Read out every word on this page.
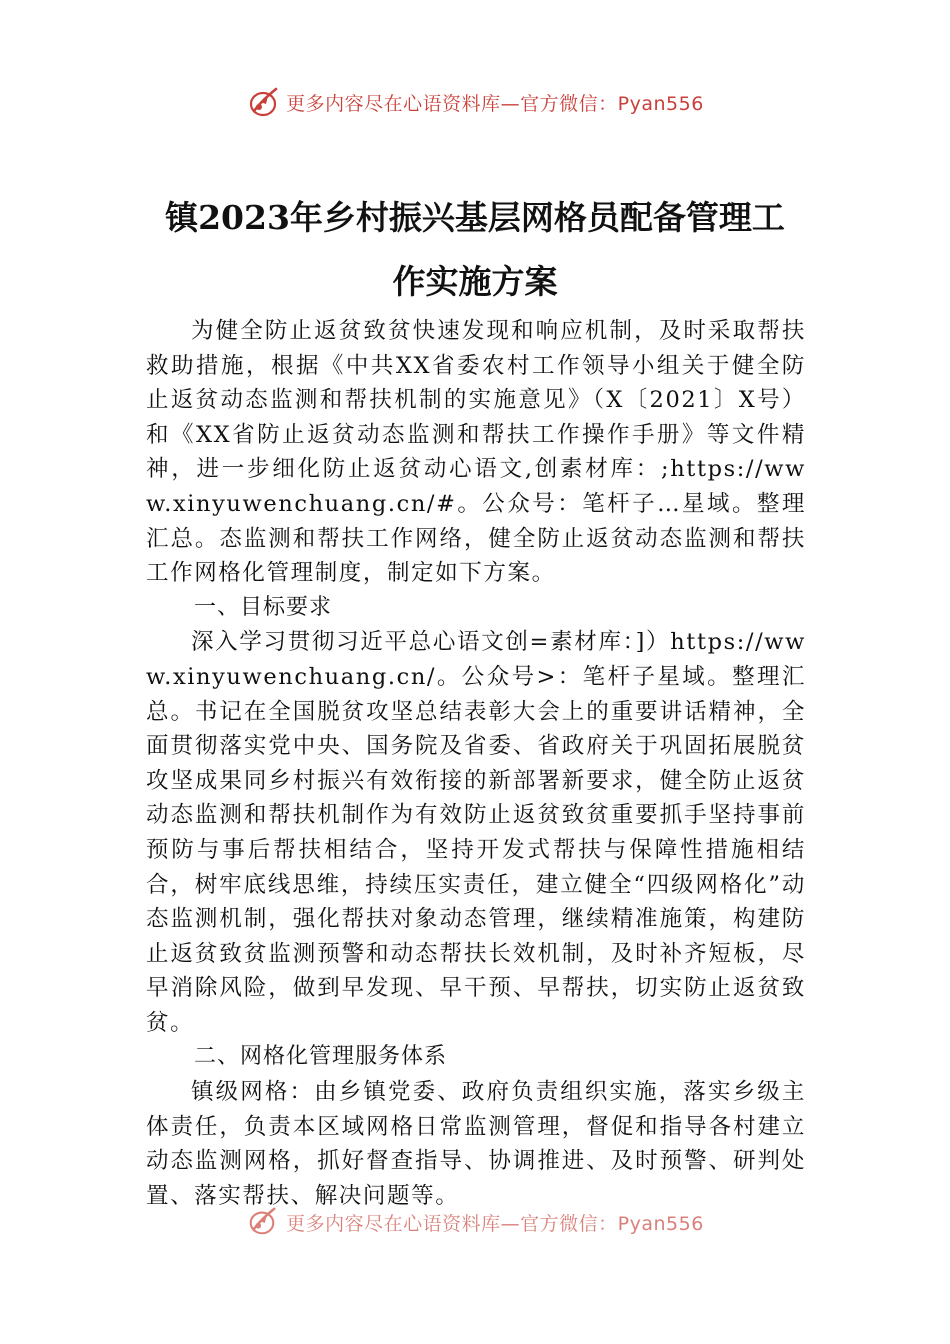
更多内容尽在心语资料库—官方微信：Pyan556
镇2023年乡村振兴基层网格员配备管理工
作实施方案

为健全防止返贫致贫快速发现和响应机制，及时采取帮扶救助措施，根据《中共XX省委农村工作领导小组关于健全防止返贫动态监测和帮扶机制的实施意见》（X〔2021〕X号）和《XX省防止返贫动态监测和帮扶工作操作手册》等文件精神，进一步细化防止返贫动心语文,创素材库：;https://www.xinyuwenchuang.cn/#。公众号：笔杆子…星域。整理汇总。态监测和帮扶工作网络，健全防止返贫动态监测和帮扶工作网格化管理制度，制定如下方案。

一、目标要求

深入学习贯彻习近平总心语文创=素材库：]）https://www.xinyuwenchuang.cn/。公众号>：笔杆子星域。整理汇总。书记在全国脱贫攻坚总结表彰大会上的重要讲话精神，全面贯彻落实党中央、国务院及省委、省政府关于巩固拓展脱贫攻坚成果同乡村振兴有效衔接的新部署新要求，健全防止返贫动态监测和帮扶机制作为有效防止返贫致贫重要抓手坚持事前预防与事后帮扶相结合，坚持开发式帮扶与保障性措施相结合，树牢底线思维，持续压实责任，建立健全“四级网格化”动态监测机制，强化帮扶对象动态管理，继续精准施策，构建防止返贫致贫监测预警和动态帮扶长效机制，及时补齐短板，尽早消除风险，做到早发现、早干预、早帮扶，切实防止返贫致贫。

二、网格化管理服务体系

镇级网格：由乡镇党委、政府负责组织实施，落实乡级主体责任，负责本区域网格日常监测管理，督促和指导各村建立动态监测网格，抓好督查指导、协调推进、及时预警、研判处置、落实帮扶、解决问题等。

更多内容尽在心语资料库—官方微信：Pyan556
